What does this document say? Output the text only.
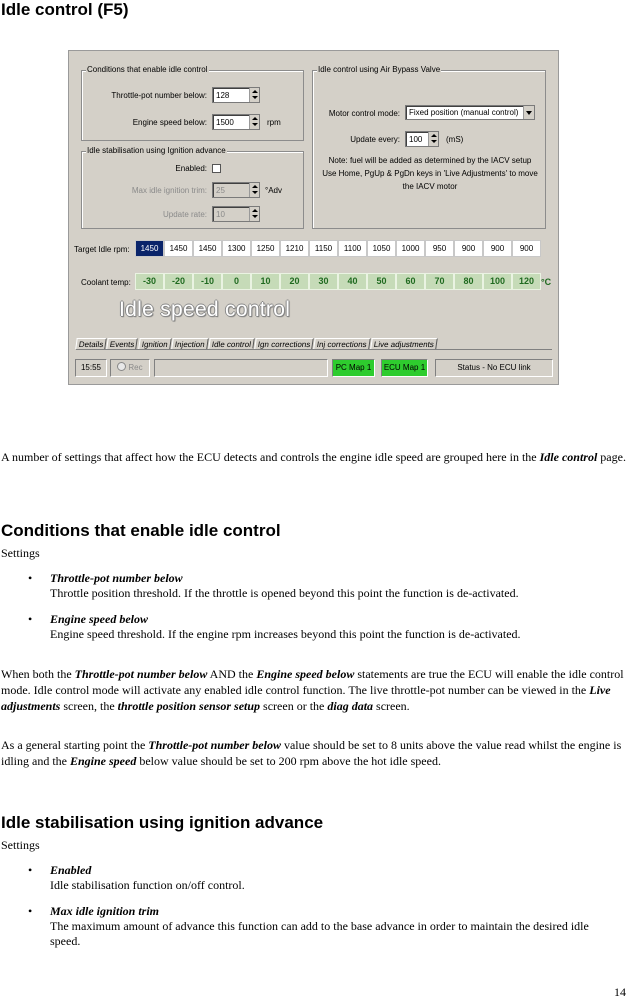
Idle control (F5)
Conditions that enable idle control
Throttle-pot number below:	128
Engine speed below:	1500	rpm
Idle stabilisation using Ignition advance
Enabled:
Max idle ignition trim:	25	°Adv
Update rate:	10
Idle control using Air Bypass Valve
Motor control mode:	Fixed position (manual control)
Update every:	100	(mS)
Note: fuel will be added as determined by the IACV setup
Use Home, PgUp & PgDn keys in 'Live Adjustments' to move
the IACV motor
Target Idle rpm:	1450	1450	1450	1300	1250	1210	1150	1100	1050	1000	950	900	900	900
Coolant temp:	-30	-20	-10	0	10	20	30	40	50	60	70	80	100	120 °C
Idle speed control
Details Events Ignition Injection Idle control Ign corrections Inj corrections Live adjustments
15:55	Rec	PC Map 1	ECU Map 1	Status - No ECU link
A number of settings that affect how the ECU detects and controls the engine idle speed are grouped here in the Idle control page.
Conditions that enable idle control
Settings
• Throttle-pot number below
Throttle position threshold. If the throttle is opened beyond this point the function is de-activated.
• Engine speed below
Engine speed threshold. If the engine rpm increases beyond this point the function is de-activated.
When both the Throttle-pot number below AND the Engine speed below statements are true the ECU will enable the idle control mode. Idle control mode will activate any enabled idle control function. The live throttle-pot number can be viewed in the Live adjustments screen, the throttle position sensor setup screen or the diag data screen.
As a general starting point the Throttle-pot number below value should be set to 8 units above the value read whilst the engine is idling and the Engine speed below value should be set to 200 rpm above the hot idle speed.
Idle stabilisation using ignition advance
Settings
• Enabled
Idle stabilisation function on/off control.
• Max idle ignition trim
The maximum amount of advance this function can add to the base advance in order to maintain the desired idle speed.
14
